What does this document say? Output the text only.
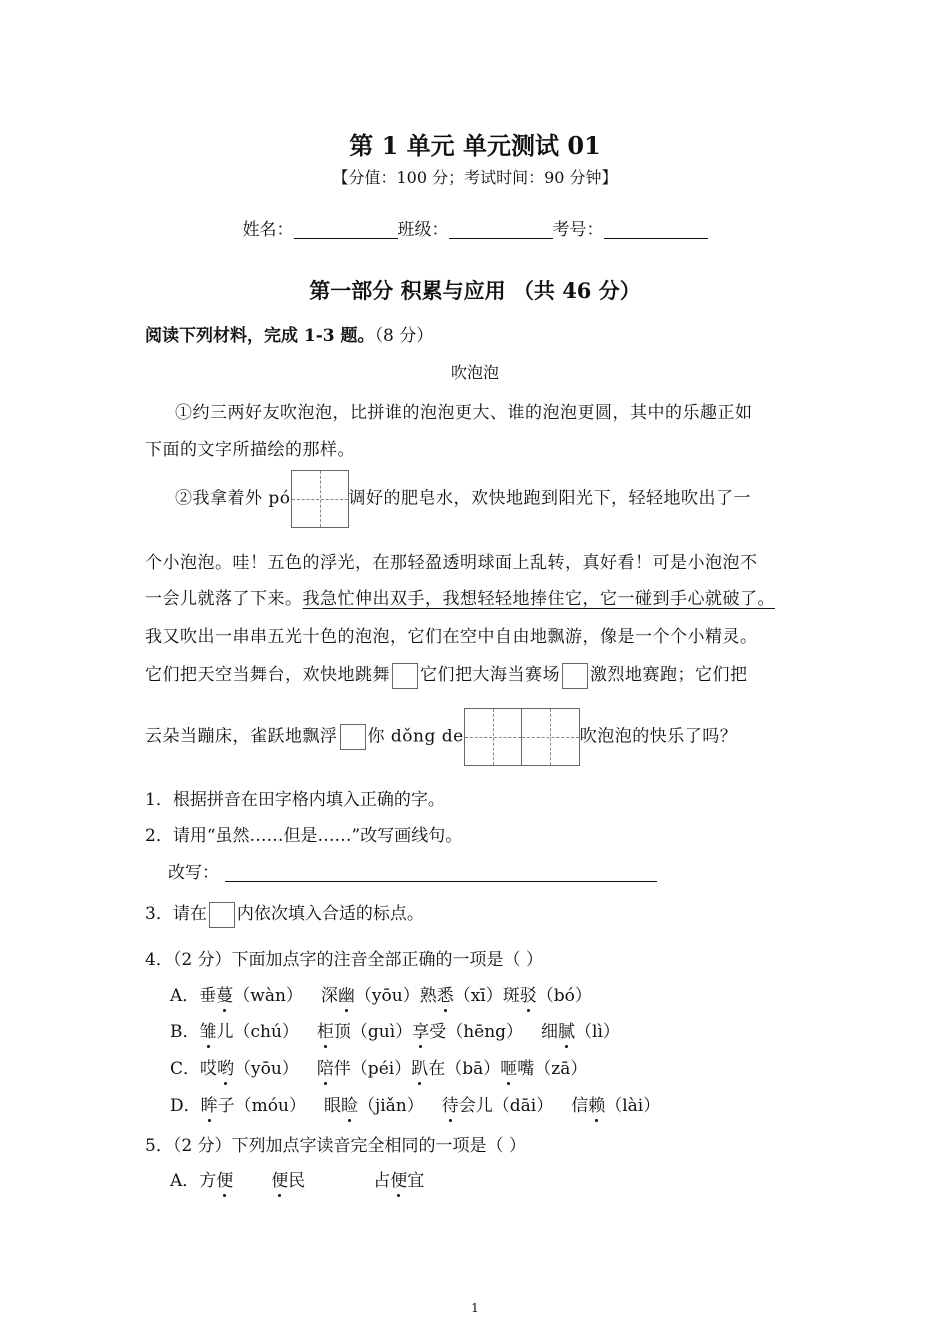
第 1 单元 单元测试 01
【分值：100 分；考试时间：90 分钟】
姓名：	班级：	考号：
第一部分 积累与应用 （共 46 分）
阅读下列材料，完成 1-3 题。（8 分）
吹泡泡
①约三两好友吹泡泡，比拼谁的泡泡更大、谁的泡泡更圆，其中的乐趣正如
下面的文字所描绘的那样。
②我拿着外 pó	调好的肥皂水，欢快地跑到阳光下，轻轻地吹出了一
个小泡泡。哇！五色的浮光，在那轻盈透明球面上乱转，真好看！可是小泡泡不
一会儿就落了下来。我急忙伸出双手，我想轻轻地捧住它，它一碰到手心就破了。
我又吹出一串串五光十色的泡泡，它们在空中自由地飘游，像是一个个小精灵。
它们把天空当舞台，欢快地跳舞 它们把大海当赛场 激烈地赛跑；它们把
云朵当蹦床，雀跃地飘浮 你 dǒng de	吹泡泡的快乐了吗？
1．根据拼音在田字格内填入正确的字。
2．请用“虽然……但是……”改写画线句。
改写：
3．请在 内依次填入合适的标点。
4．（2 分）下面加点字的注音全部正确的一项是（ ）
A．垂蔓（wàn） 深幽（yōu）熟悉（xī）斑驳（bó）
B．雏儿（chú） 柜顶（guì）享受（hēng） 细腻（lì）
C．哎哟（yōu） 陪伴（péi）趴在（bā）咂嘴（zā）
D．眸子（móu） 眼睑（jiǎn） 待会儿（dāi） 信赖（lài）
5．（2 分）下列加点字读音完全相同的一项是（ ）
A．方便 便民	占便宜
1
